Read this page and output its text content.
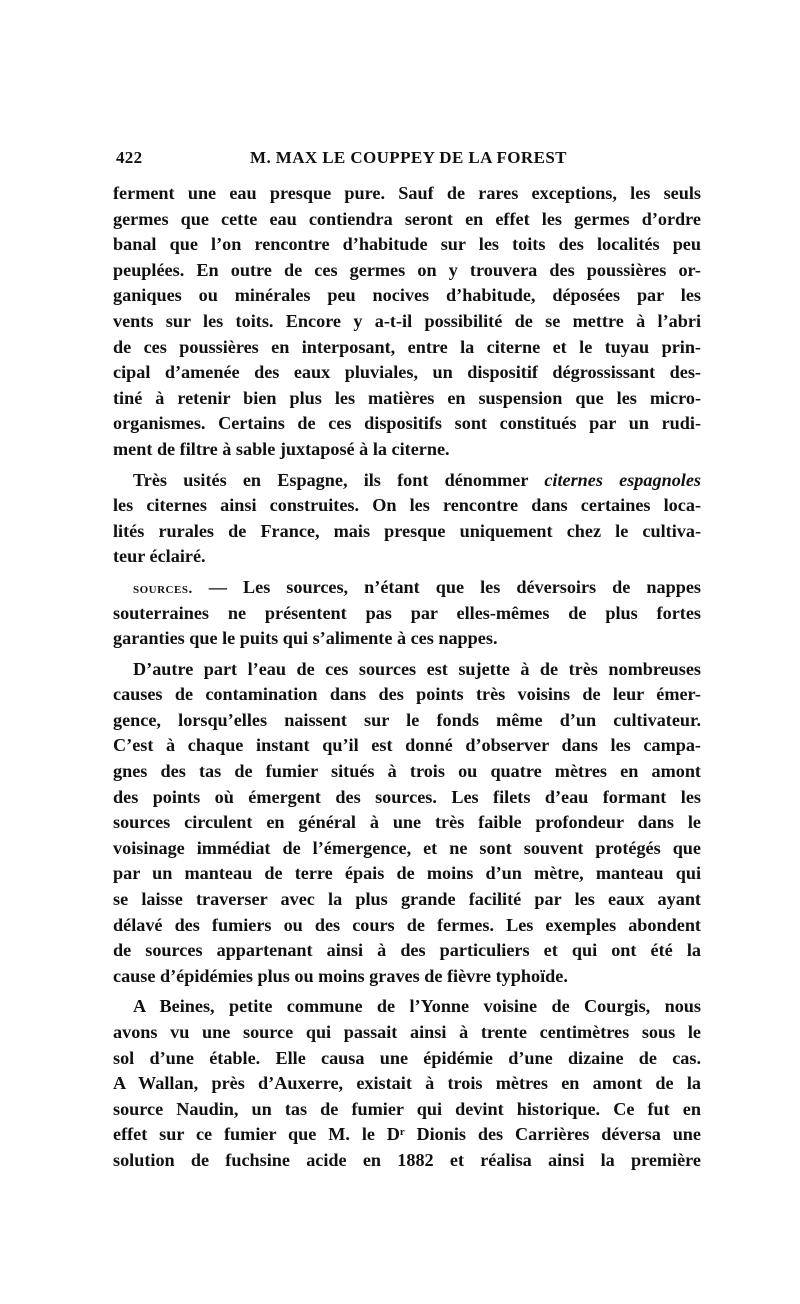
422	M. MAX LE COUPPEY DE LA FOREST
ferment une eau presque pure. Sauf de rares exceptions, les seuls
germes que cette eau contiendra seront en effet les germes d’ordre
banal que l’on rencontre d’habitude sur les toits des localités peu
peuplées. En outre de ces germes on y trouvera des poussières or-
ganiques ou minérales peu nocives d’habitude, déposées par les
vents sur les toits. Encore y a-t-il possibilité de se mettre à l’abri
de ces poussières en interposant, entre la citerne et le tuyau prin-
cipal d’amenée des eaux pluviales, un dispositif dégrossissant des-
tiné à retenir bien plus les matières en suspension que les micro-
organismes. Certains de ces dispositifs sont constitués par un rudi-
ment de filtre à sable juxtaposé à la citerne.
Très usités en Espagne, ils font dénommer citernes espagnoles
les citernes ainsi construites. On les rencontre dans certaines loca-
lités rurales de France, mais presque uniquement chez le cultiva-
teur éclairé.
sources. — Les sources, n’étant que les déversoirs de nappes
souterraines ne présentent pas par elles-mêmes de plus fortes
garanties que le puits qui s’alimente à ces nappes.
D’autre part l’eau de ces sources est sujette à de très nombreuses
causes de contamination dans des points très voisins de leur émer-
gence, lorsqu’elles naissent sur le fonds même d’un cultivateur.
C’est à chaque instant qu’il est donné d’observer dans les campa-
gnes des tas de fumier situés à trois ou quatre mètres en amont
des points où émergent des sources. Les filets d’eau formant les
sources circulent en général à une très faible profondeur dans le
voisinage immédiat de l’émergence, et ne sont souvent protégés que
par un manteau de terre épais de moins d’un mètre, manteau qui
se laisse traverser avec la plus grande facilité par les eaux ayant
délavé des fumiers ou des cours de fermes. Les exemples abondent
de sources appartenant ainsi à des particuliers et qui ont été la
cause d’épidémies plus ou moins graves de fièvre typhoïde.
A Beines, petite commune de l’Yonne voisine de Courgis, nous
avons vu une source qui passait ainsi à trente centimètres sous le
sol d’une étable. Elle causa une épidémie d’une dizaine de cas.
A Wallan, près d’Auxerre, existait à trois mètres en amont de la
source Naudin, un tas de fumier qui devint historique. Ce fut en
effet sur ce fumier que M. le Dʳ Dionis des Carrières déversa une
solution de fuchsine acide en 1882 et réalisa ainsi la première
